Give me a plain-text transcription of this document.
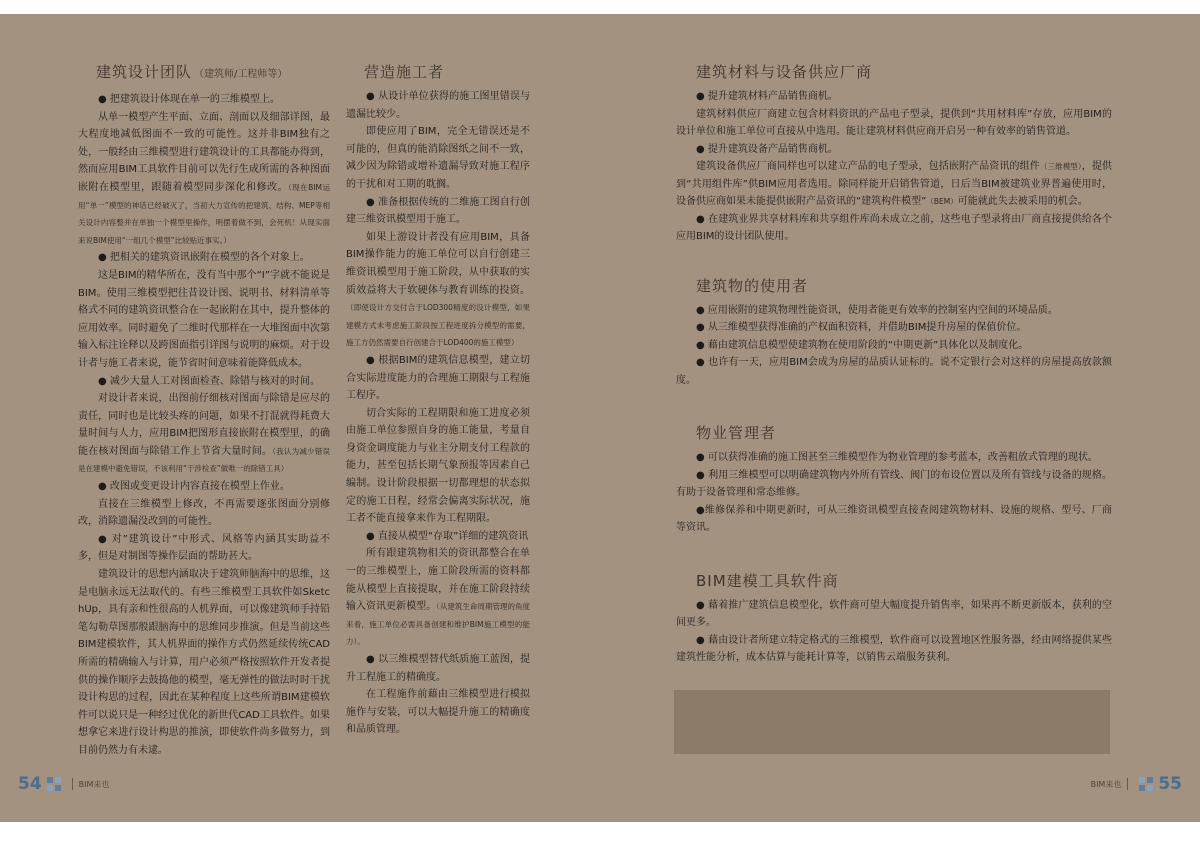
建筑设计团队 （建筑师/工程师等）

● 把建筑设计体现在单一的三维模型上。

从单一模型产生平面、立面、剖面以及细部详图，最大程度地减低图面不一致的可能性。这并非BIM独有之处，一般经由三维模型进行建筑设计的工具都能办得到，然而应用BIM工具软件目前可以先行生成所需的各种图面嵌附在模型里，跟随着模型同步深化和修改。（现在BIM运用“单一”模型的神话已经破灭了，当初大力宣传的把建筑、结构、MEP等相关设计内容整并在单独一个模型里操作，明摆着做不到，会死机！从现实面来说BIM使用“一组几个模型”比较贴近事实。）

● 把相关的建筑资讯嵌附在模型的各个对象上。

这是BIM的精华所在，没有当中那个“I”字就不能说是BIM。使用三维模型把往昔设计图、说明书、材料清单等格式不同的建筑资讯整合在一起嵌附在其中，提升整体的应用效率。同时避免了二维时代那样在一大堆图面中次第输入标注诠释以及跨图面指引详图与说明的麻烦。对于设计者与施工者来说，能节省时间意味着能降低成本。

● 减少大量人工对图面检查、除错与核对的时间。

对设计者来说，出图前仔细核对图面与除错是应尽的责任，同时也是比较头疼的问题，如果不打混就得耗费大量时间与人力，应用BIM把图形直接嵌附在模型里，的确能在核对图面与除错工作上节省大量时间。（我认为减少错误是在建模中避免错误，不该利用“干涉检查”做唯一的除错工具）

● 改图或变更设计内容直接在模型上作业。

直接在三维模型上修改，不再需要逐张图面分别修改，消除遗漏没改到的可能性。

● 对”建筑设计”中形式、风格等内涵其实助益不多，但是对制图等操作层面的帮助甚大。

建筑设计的思想内涵取决于建筑师脑海中的思维，这是电脑永远无法取代的。有些三维模型工具软件如SketchUp，具有亲和性很高的人机界面，可以像建筑师手持铅笔勾勒草图那般跟脑海中的思维同步推演。但是当前这些BIM建模软件，其人机界面的操作方式仍然延续传统CAD所需的精确输入与计算，用户必须严格按照软件开发者提供的操作顺序去鼓捣他的模型，毫无弹性的做法时时干扰设计构思的过程，因此在某种程度上这些所谓BIM建模软件可以说只是一种经过优化的新世代CAD工具软件。如果想拿它来进行设计构思的推演，即使软件尚多做努力，到目前仍然力有未逮。

营造施工者

● 从设计单位获得的施工图里错误与遗漏比较少。

即使应用了BIM，完全无错误还是不可能的，但真的能消除图纸之间不一致，减少因为除错或增补遗漏导致对施工程序的干扰和对工期的耽搁。

● 准备根据传统的二维施工图自行创建三维资讯模型用于施工。

如果上游设计者没有应用BIM，具备BIM操作能力的施工单位可以自行创建三维资讯模型用于施工阶段，从中获取的实质效益将大于软硬体与教育训练的投资。（即使设计方交付合于LOD300精度的设计模型，如果建模方式未考虑施工阶段按工程进度拆分模型的需要，施工方仍然需要自行创建合于LOD400的施工模型）

● 根据BIM的建筑信息模型，建立切合实际进度能力的合理施工期限与工程施工程序。

切合实际的工程期限和施工进度必须由施工单位参照自身的施工能量，考量自身资金调度能力与业主分期支付工程款的能力，甚至包括长期气象预报等因素自己编制。设计阶段根据一切都理想的状态拟定的施工日程，经常会偏离实际状况，施工者不能直接拿来作为工程期限。

● 直接从模型“存取”详细的建筑资讯

所有跟建筑物相关的资讯都整合在单一的三维模型上，施工阶段所需的资料都能从模型上直接提取，并在施工阶段持续输入资讯更新模型。（从建筑生命周期管理的角度来看，施工单位必需具备创建和维护BIM施工模型的能力）。

● 以三维模型替代纸质施工蓝图，提升工程施工的精确度。

在工程施作前藉由三维模型进行模拟施作与安装，可以大幅提升施工的精确度和品质管理。

建筑材料与设备供应厂商

● 提升建筑材料产品销售商机。

建筑材料供应厂商建立包含材料资讯的产品电子型录，提供到“共用材料库”存放，应用BIM的设计单位和施工单位可直接从中选用。能让建筑材料供应商开启另一种有效率的销售管道。

● 提升建筑设备产品销售商机。

建筑设备供应厂商同样也可以建立产品的电子型录，包括嵌附产品资讯的组件（三维模型），提供到“共用组件库”供BIM应用者选用。除同样能开启销售管道，日后当BIM被建筑业界普遍使用时，设备供应商如果未能提供嵌附产品资讯的“建筑构件模型”（BEM）可能就此失去被采用的机会。

● 在建筑业界共享材料库和共享组件库尚未成立之前，这些电子型录将由厂商直接提供给各个应用BIM的设计团队使用。

建筑物的使用者

● 应用嵌附的建筑物理性能资讯，使用者能更有效率的控制室内空间的环境品质。

● 从三维模型获得准确的产权面积资料，并借助BIM提升房屋的保值价位。

● 藉由建筑信息模型使建筑物在使用阶段的“中期更新”具体化以及制度化。

● 也许有一天，应用BIM会成为房屋的品质认证标的。说不定银行会对这样的房屋提高放款额度。

物业管理者

● 可以获得准确的施工图甚至三维模型作为物业管理的参考蓝本，改善粗放式管理的现状。

● 利用三维模型可以明确建筑物内外所有管线、阀门的布设位置以及所有管线与设备的规格。有助于设备管理和常态维修。

●维修保养和中期更新时，可从三维资讯模型直接查阅建筑物材料、设施的规格、型号、厂商等资讯。

BIM建模工具软件商

● 藉着推广建筑信息模型化，软件商可望大幅度提升销售率，如果再不断更新版本，获利的空间更多。

● 藉由设计者所建立特定格式的三维模型，软件商可以设置地区性服务器，经由网络提供某些建筑性能分析，成本估算与能耗计算等，以销售云端服务获利。

54	BIM来也	BIM来也 55
